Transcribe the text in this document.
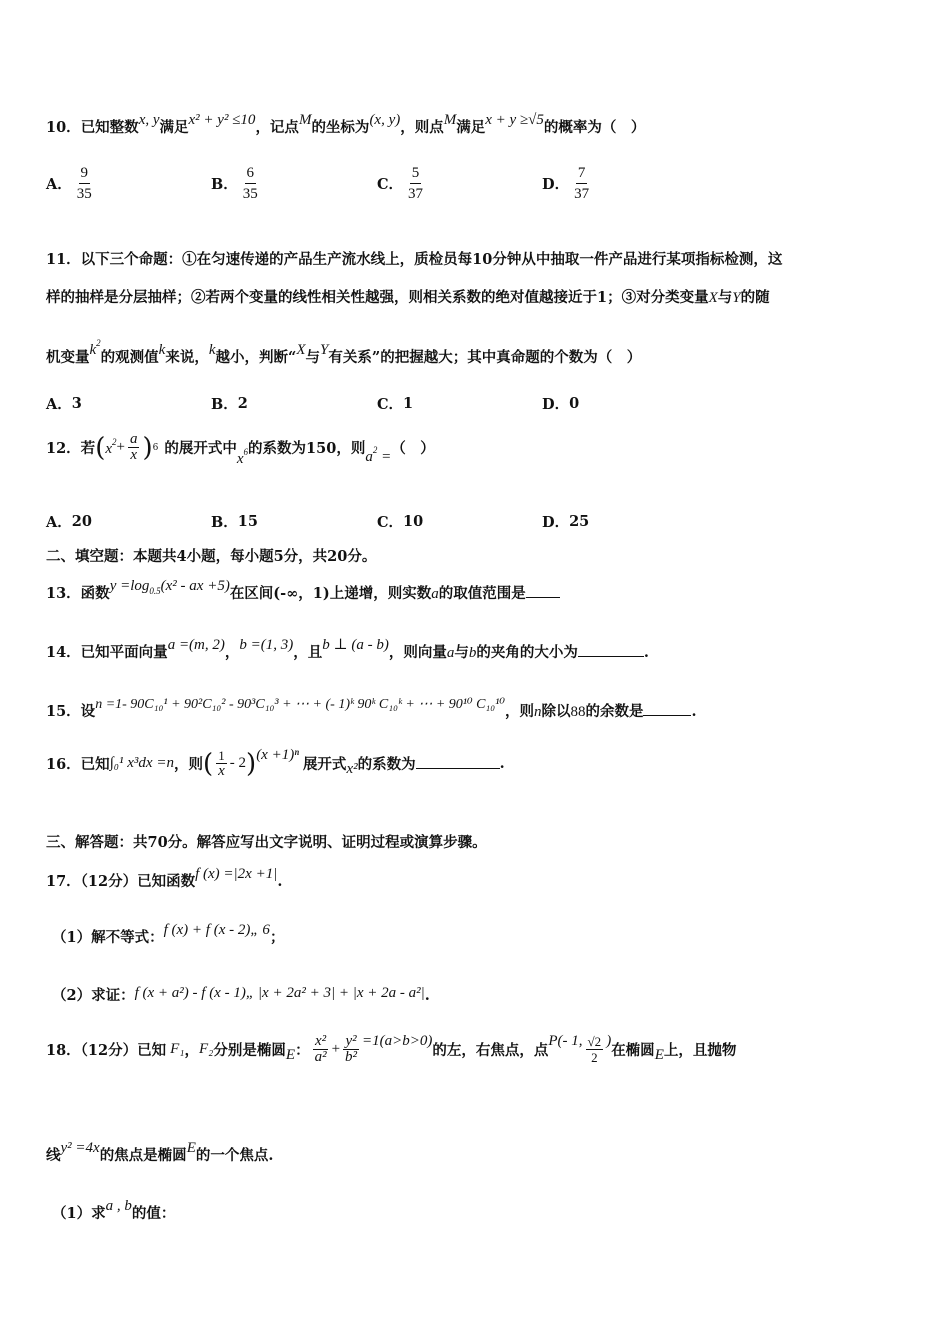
10．已知整数x, y满足x² + y² ≤10，记点M的坐标为(x, y)，则点M满足x + y ≥√5的概率为（　）
A． $\frac{9}{35}$	B． $\frac{6}{35}$	C． $\frac{5}{37}$	D． $\frac{7}{37}$
11．以下三个命题：①在匀速传递的产品生产流水线上，质检员每10分钟从中抽取一件产品进行某项指标检测，这
样的抽样是分层抽样；②若两个变量的线性相关性越强，则相关系数的绝对值越接近于1；③对分类变量X与Y的随
机变量$k^2$的观测值k来说，k越小，判断“X与Y有关系”的把握越大；其中真命题的个数为（　）
A． 3	B． 2	C． 1	D． 0
12．若 ( $x^2 + \frac{a}{x}$ ) 6 的展开式中
$x^6$ 的系数为150，则 $a^2$ = （　）
A． 20	B． 15	C． 10	D． 25
二、填空题：本题共4小题，每小题5分，共20分。
13．函数$y =\log_{0.5}(x^2$ - ax +5)在区间(-∞，1)上递增，则实数a的取值范围是
14．已知平面向量a =(m, 2)，b =(1, 3)，且b ⊥ (a - b)，则向量a与b的夹角的大小为	.
15．设n =1- 90C₁₀¹ + 90²C₁₀² - 90³C₁₀³ + ⋯ + (- 1)ᵏ 90ᵏ C₁₀ᵏ + ⋯ + 90¹⁰ C₁₀¹⁰，则n除以88的余数是	.
16．已知 ∫₀¹ x³dx =n ，则 ( $\frac{1}{x} - 2$ ) (x +1)ⁿ
展开式 x² 的系数为	.
三、解答题：共70分。解答应写出文字说明、证明过程或演算步骤。
17．（12分）已知函数f (x) =|2x +1|.
（1）解不等式：f (x) + f (x - 2)„ 6；
（2）求证：f (x + a²) - f (x - 1)„ |x + 2a² + 3| + |x + 2a - a²|.
18．（12分）已知 F₁ ， F₂ 分别是椭圆 E ： $\frac{\text{x²}}{\text{a²}} + \frac{\text{y²}}{\text{b²}} =1(a>b>0)$
的左，右焦点，点
P(- 1, $\frac{√2}{2}$ )
在椭圆 E 上，且抛物
线y² =4x的焦点是椭圆E的一个焦点.
（1）求a , b的值：
